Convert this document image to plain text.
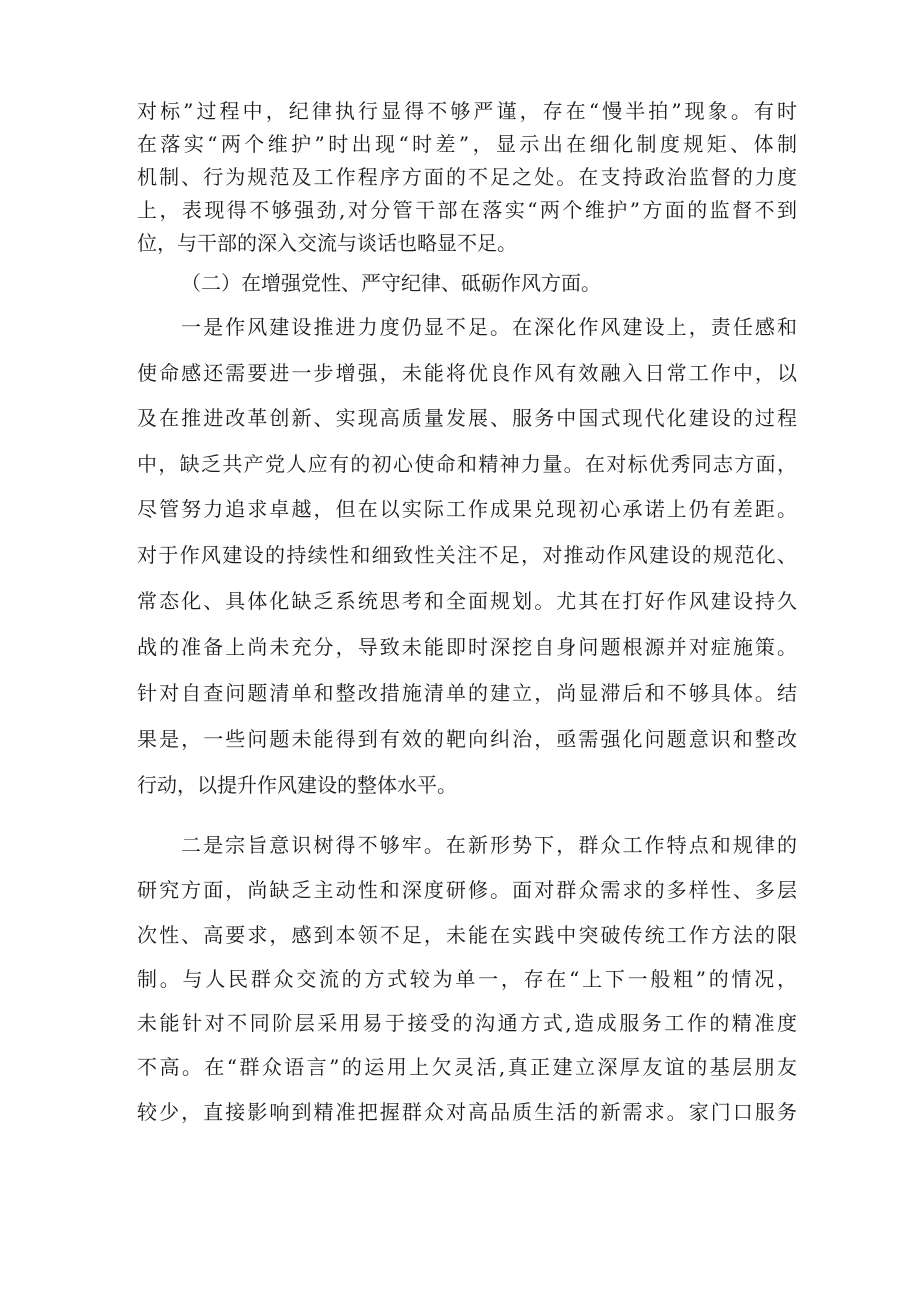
对标”过程中，纪律执行显得不够严谨，存在“慢半拍”现象。有时

在落实“两个维护”时出现“时差”，显示出在细化制度规矩、体制

机制、行为规范及工作程序方面的不足之处。在支持政治监督的力度

上，表现得不够强劲,对分管干部在落实“两个维护”方面的监督不到

位，与干部的深入交流与谈话也略显不足。

（二）在增强党性、严守纪律、砥砺作风方面。

一是作风建设推进力度仍显不足。在深化作风建设上，责任感和

使命感还需要进一步增强，未能将优良作风有效融入日常工作中，以

及在推进改革创新、实现高质量发展、服务中国式现代化建设的过程

中，缺乏共产党人应有的初心使命和精神力量。在对标优秀同志方面，

尽管努力追求卓越，但在以实际工作成果兑现初心承诺上仍有差距。

对于作风建设的持续性和细致性关注不足，对推动作风建设的规范化、

常态化、具体化缺乏系统思考和全面规划。尤其在打好作风建设持久

战的准备上尚未充分，导致未能即时深挖自身问题根源并对症施策。

针对自查问题清单和整改措施清单的建立，尚显滞后和不够具体。结

果是，一些问题未能得到有效的靶向纠治，亟需强化问题意识和整改

行动，以提升作风建设的整体水平。

二是宗旨意识树得不够牢。在新形势下，群众工作特点和规律的

研究方面，尚缺乏主动性和深度研修。面对群众需求的多样性、多层

次性、高要求，感到本领不足，未能在实践中突破传统工作方法的限

制。与人民群众交流的方式较为单一，存在“上下一般粗”的情况，

未能针对不同阶层采用易于接受的沟通方式,造成服务工作的精准度

不高。在“群众语言”的运用上欠灵活,真正建立深厚友谊的基层朋友

较少，直接影响到精准把握群众对高品质生活的新需求。家门口服务
